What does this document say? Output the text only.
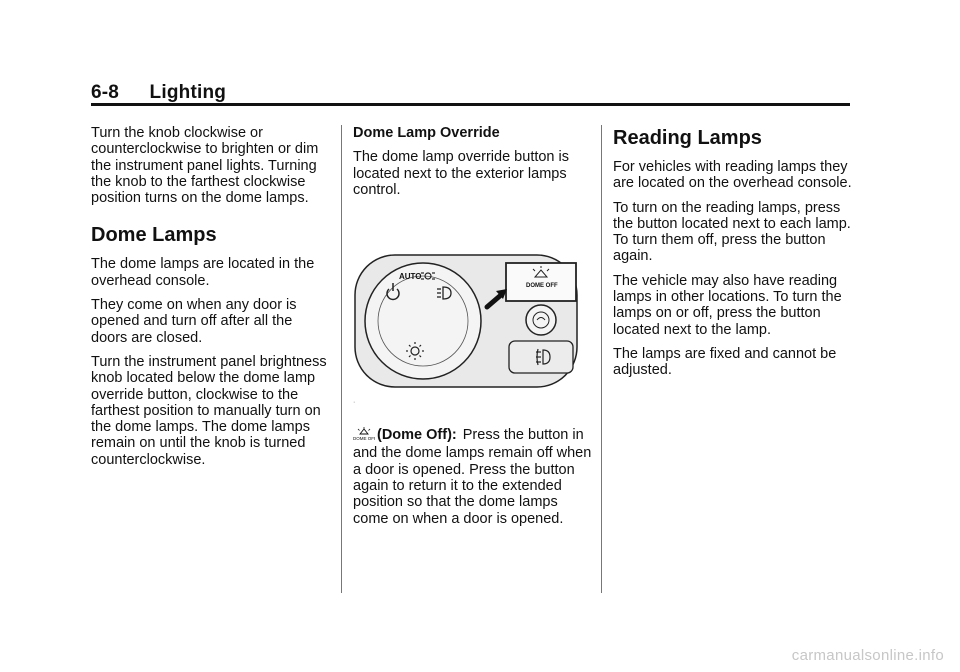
6-8 Lighting

Turn the knob clockwise or counterclockwise to brighten or dim the instrument panel lights. Turning the knob to the farthest clockwise position turns on the dome lamps.

Dome Lamps

The dome lamps are located in the overhead console.

They come on when any door is opened and turn off after all the doors are closed.

Turn the instrument panel brightness knob located below the dome lamp override button, clockwise to the farthest position to manually turn on the dome lamps. The dome lamps remain on until the knob is turned counterclockwise.

Dome Lamp Override

The dome lamp override button is located next to the exterior lamps control.

AUTO
DOME OFF
·

DOME OFF (Dome Off): Press the button in and the dome lamps remain off when a door is opened. Press the button again to return it to the extended position so that the dome lamps come on when a door is opened.

Reading Lamps

For vehicles with reading lamps they are located on the overhead console.

To turn on the reading lamps, press the button located next to each lamp. To turn them off, press the button again.

The vehicle may also have reading lamps in other locations. To turn the lamps on or off, press the button located next to the lamp.

The lamps are fixed and cannot be adjusted.

carmanualsonline.info
